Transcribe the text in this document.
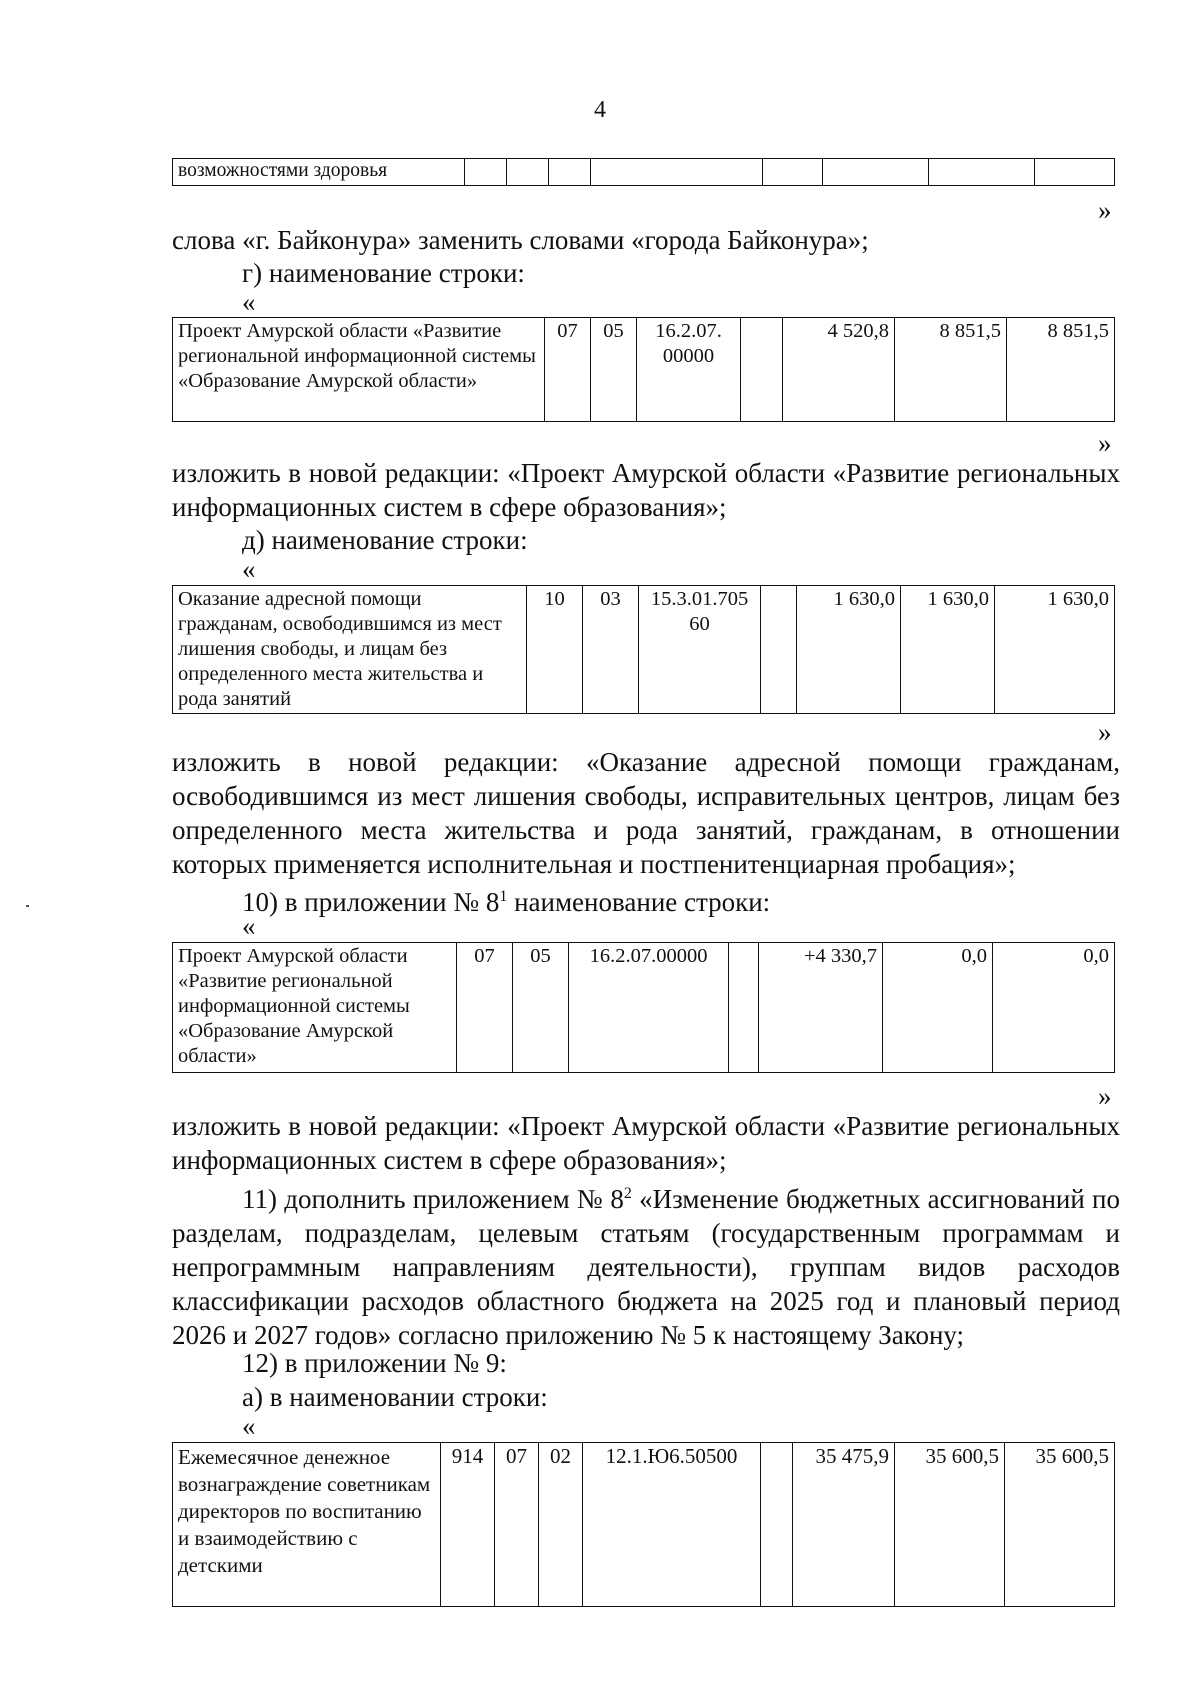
4
возможностями здоровья								
»
слова «г. Байконура» заменить словами «города Байконура»;
г) наименование строки:
«
Проект Амурской области «Развитие региональной информационной системы «Образование Амурской области»	07	05	16.2.07. 00000		4 520,8	8 851,5	8 851,5
»
изложить в новой редакции: «Проект Амурской области «Развитие региональных информационных систем в сфере образования»;
д) наименование строки:
«
Оказание адресной помощи гражданам, освободившимся из мест лишения свободы, и лицам без определенного места жительства и рода занятий	10	03	15.3.01.705 60		1 630,0	1 630,0	1 630,0
»
изложить в новой редакции: «Оказание адресной помощи гражданам, освободившимся из мест лишения свободы, исправительных центров, лицам без определенного места жительства и рода занятий, гражданам, в отношении которых применяется исполнительная и постпенитенциарная пробация»;
10) в приложении № $8^1$ наименование строки:
«
Проект Амурской области «Развитие региональной информационной системы «Образование Амурской области»	07	05	16.2.07.00000		+4 330,7	0,0	0,0
»
изложить в новой редакции: «Проект Амурской области «Развитие региональных информационных систем в сфере образования»;
11) дополнить приложением № $8^2$ «Изменение бюджетных ассигнований по разделам, подразделам, целевым статьям (государственным программам и непрограммным направлениям деятельности), группам видов расходов классификации расходов областного бюджета на 2025 год и плановый период 2026 и 2027 годов» согласно приложению № 5 к настоящему Закону;
12) в приложении № 9:
а) в наименовании строки:
«
Ежемесячное денежное вознаграждение советникам директоров по воспитанию и взаимодействию с детскими	914	07	02	12.1.Ю6.50500		35 475,9	35 600,5	35 600,5
